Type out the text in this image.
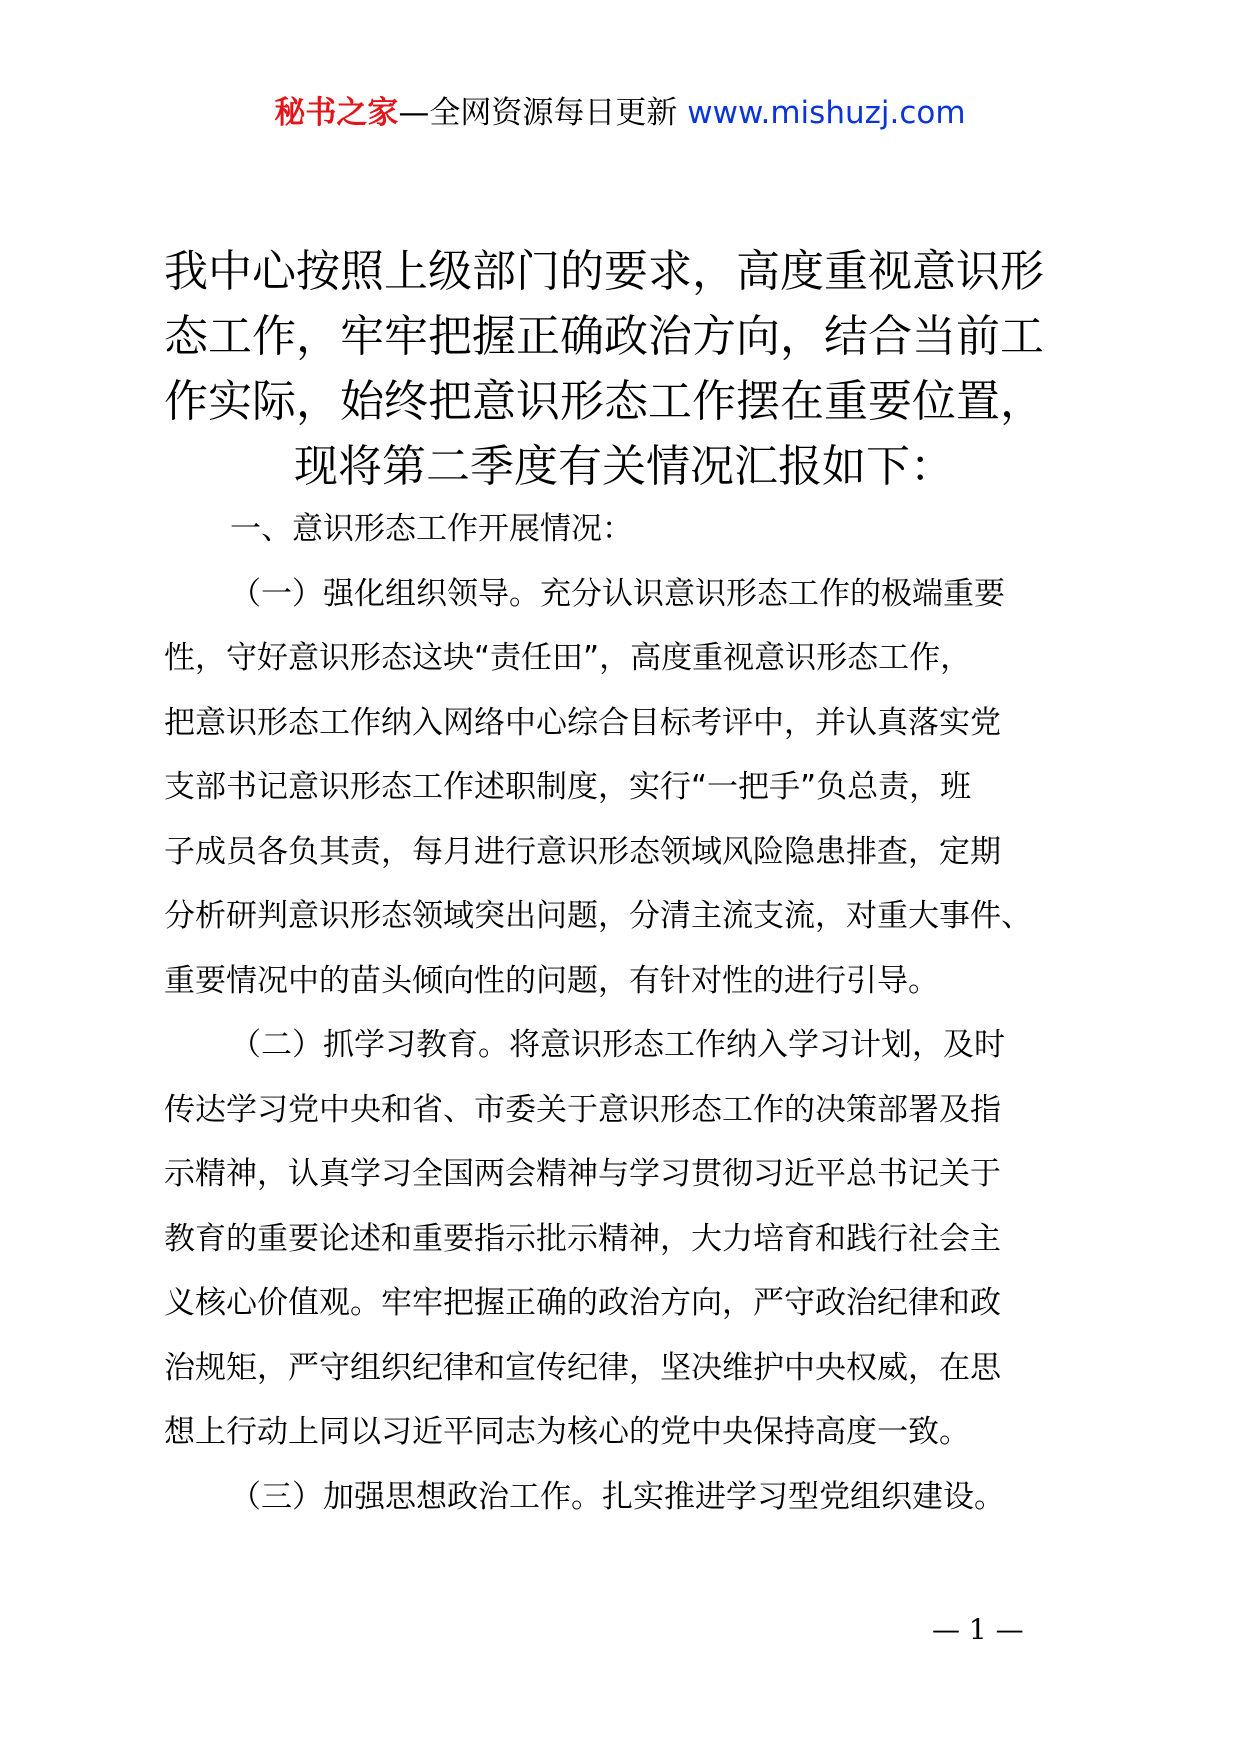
秘书之家—全网资源每日更新 www.mishuzj.com
我中心按照上级部门的要求，高度重视意识形
态工作，牢牢把握正确政治方向，结合当前工
作实际，始终把意识形态工作摆在重要位置，
现将第二季度有关情况汇报如下：
一、意识形态工作开展情况：
（一）强化组织领导。充分认识意识形态工作的极端重要
性，守好意识形态这块“责任田”，高度重视意识形态工作，
把意识形态工作纳入网络中心综合目标考评中，并认真落实党
支部书记意识形态工作述职制度，实行“一把手”负总责，班
子成员各负其责，每月进行意识形态领域风险隐患排查，定期
分析研判意识形态领域突出问题，分清主流支流，对重大事件、
重要情况中的苗头倾向性的问题，有针对性的进行引导。
（二）抓学习教育。将意识形态工作纳入学习计划，及时
传达学习党中央和省、市委关于意识形态工作的决策部署及指
示精神，认真学习全国两会精神与学习贯彻习近平总书记关于
教育的重要论述和重要指示批示精神，大力培育和践行社会主
义核心价值观。牢牢把握正确的政治方向，严守政治纪律和政
治规矩，严守组织纪律和宣传纪律，坚决维护中央权威，在思
想上行动上同以习近平同志为核心的党中央保持高度一致。
（三）加强思想政治工作。扎实推进学习型党组织建设。
— 1 —
